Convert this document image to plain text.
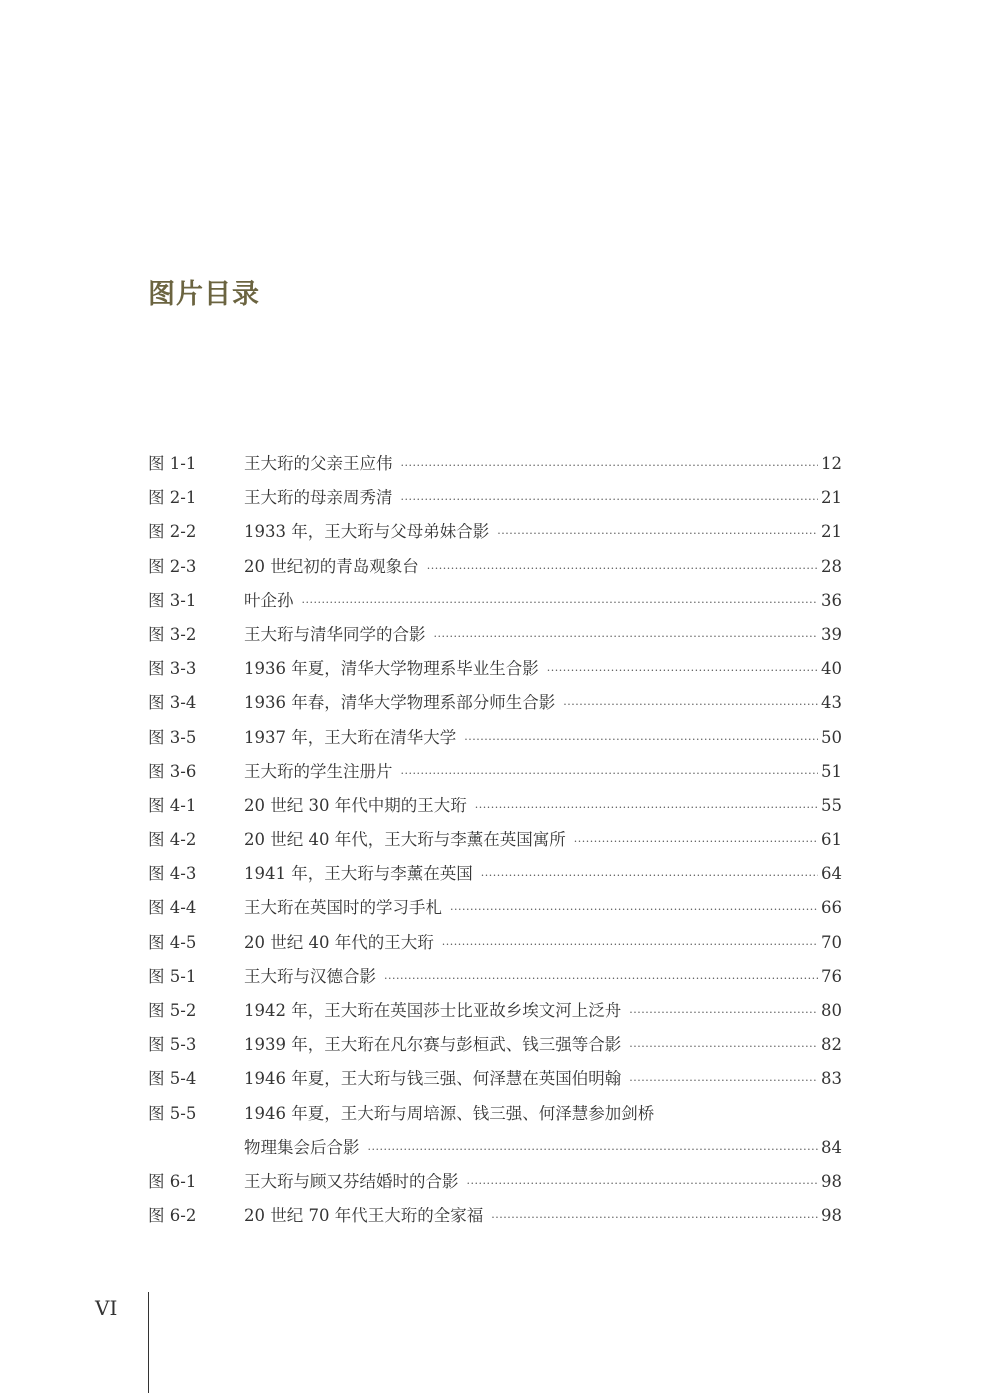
图片目录
图 1-1	王大珩的父亲王应伟 ·····	12
图 2-1	王大珩的母亲周秀清 ·····	21
图 2-2	1933 年，王大珩与父母弟妹合影 ·····	21
图 2-3	20 世纪初的青岛观象台 ·····	28
图 3-1	叶企孙 ·····	36
图 3-2	王大珩与清华同学的合影 ·····	39
图 3-3	1936 年夏，清华大学物理系毕业生合影 ·····	40
图 3-4	1936 年春，清华大学物理系部分师生合影 ·····	43
图 3-5	1937 年，王大珩在清华大学 ·····	50
图 3-6	王大珩的学生注册片 ·····	51
图 4-1	20 世纪 30 年代中期的王大珩 ·····	55
图 4-2	20 世纪 40 年代，王大珩与李薰在英国寓所 ·····	61
图 4-3	1941 年，王大珩与李薰在英国 ·····	64
图 4-4	王大珩在英国时的学习手札 ·····	66
图 4-5	20 世纪 40 年代的王大珩 ·····	70
图 5-1	王大珩与汉德合影 ·····	76
图 5-2	1942 年，王大珩在英国莎士比亚故乡埃文河上泛舟 ·····	80
图 5-3	1939 年，王大珩在凡尔赛与彭桓武、钱三强等合影 ·····	82
图 5-4	1946 年夏，王大珩与钱三强、何泽慧在英国伯明翰 ·····	83
图 5-5	1946 年夏，王大珩与周培源、钱三强、何泽慧参加剑桥
物理集会后合影 ·····	84
图 6-1	王大珩与顾又芬结婚时的合影 ·····	98
图 6-2	20 世纪 70 年代王大珩的全家福 ·····	98
VI
